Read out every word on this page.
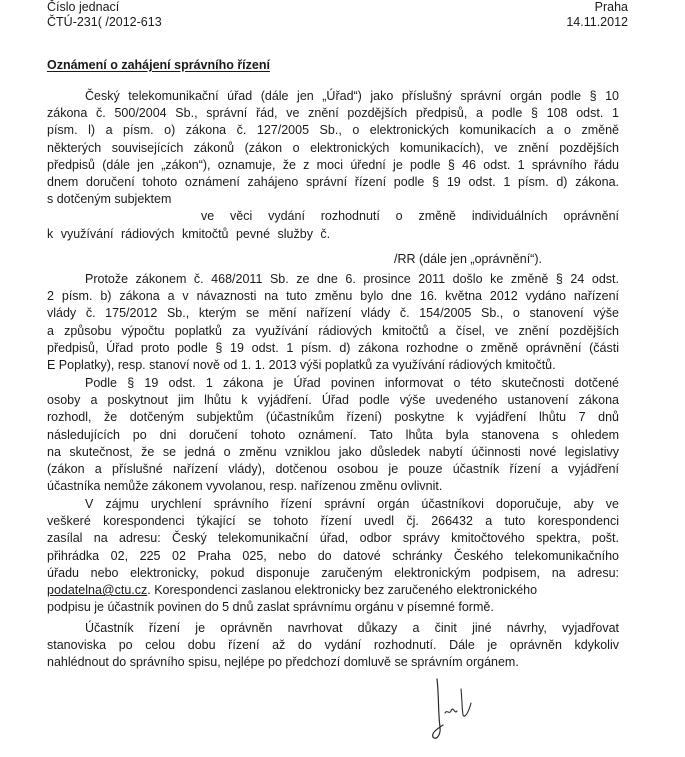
Číslo jednací
ČTÚ-231( /2012-613
Praha
14.11.2012
Oznámení o zahájení správního řízení
Český telekomunikační úřad (dále jen „Úřad“) jako příslušný správní orgán podle § 10
zákona č. 500/2004 Sb., správní řád, ve znění pozdějších předpisů, a podle § 108 odst. 1
písm. l) a písm. o) zákona č. 127/2005 Sb., o elektronických komunikacích a o změně
některých souvisejících zákonů (zákon o elektronických komunikacích), ve znění pozdějších
předpisů (dále jen „zákon“), oznamuje, že z moci úřední je podle § 46 odst. 1 správního řádu
dnem doručení tohoto oznámení zahájeno správní řízení podle § 19 odst. 1 písm. d) zákona.
s dotčeným subjektem
ve věci vydání rozhodnutí o změně individuálních oprávnění
k využívání rádiových kmitočtů pevné služby č.
/RR (dále jen „oprávnění“).
Protože zákonem č. 468/2011 Sb. ze dne 6. prosince 2011 došlo ke změně § 24 odst.
2 písm. b) zákona a v návaznosti na tuto změnu bylo dne 16. května 2012 vydáno nařízení
vlády č. 175/2012 Sb., kterým se mění nařízení vlády č. 154/2005 Sb., o stanovení výše
a způsobu výpočtu poplatků za využívání rádiových kmitočtů a čísel, ve znění pozdějších
předpisů, Úřad proto podle § 19 odst. 1 písm. d) zákona rozhodne o změně oprávnění (části
E Poplatky), resp. stanoví nově od 1. 1. 2013 výši poplatků za využívání rádiových kmitočtů.
Podle § 19 odst. 1 zákona je Úřad povinen informovat o této skutečnosti dotčené
osoby a poskytnout jim lhůtu k vyjádření. Úřad podle výše uvedeného ustanovení zákona
rozhodl, že dotčeným subjektům (účastníkům řízení) poskytne k vyjádření lhůtu 7 dnů
následujících po dni doručení tohoto oznámení. Tato lhůta byla stanovena s ohledem
na skutečnost, že se jedná o změnu vzniklou jako důsledek nabytí účinnosti nové legislativy
(zákon a příslušné nařízení vlády), dotčenou osobou je pouze účastník řízení a vyjádření
účastníka nemůže zákonem vyvolanou, resp. nařízenou změnu ovlivnit.
V zájmu urychlení správního řízení správní orgán účastníkovi doporučuje, aby ve
veškeré korespondenci týkající se tohoto řízení uvedl čj. 266432 a tuto korespondenci
zasílal na adresu: Český telekomunikační úřad, odbor správy kmitočtového spektra, pošt.
přihrádka 02, 225 02 Praha 025, nebo do datové schránky Českého telekomunikačního
úřadu nebo elektronicky, pokud disponuje zaručeným elektronickým podpisem, na adresu:
podatelna@ctu.cz. Korespondenci zaslanou elektronicky bez zaručeného elektronického
podpisu je účastník povinen do 5 dnů zaslat správnímu orgánu v písemné formě.
Účastník řízení je oprávněn navrhovat důkazy a činit jiné návrhy, vyjadřovat
stanoviska po celou dobu řízení až do vydání rozhodnutí. Dále je oprávněn kdykoliv
nahlédnout do správního spisu, nejlépe po předchozí domluvě se správním orgánem.
